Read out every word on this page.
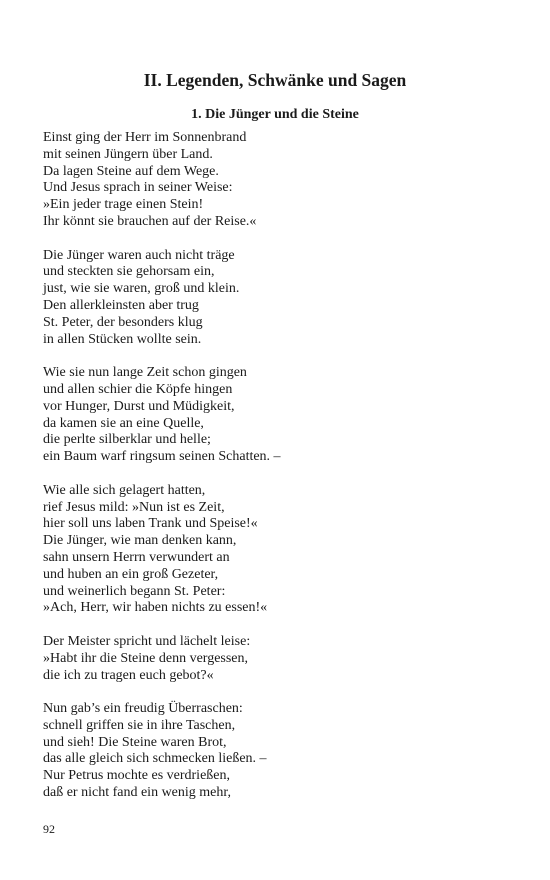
II. Legenden, Schwänke und Sagen
1. Die Jünger und die Steine

Einst ging der Herr im Sonnenbrand
mit seinen Jüngern über Land.
Da lagen Steine auf dem Wege.
Und Jesus sprach in seiner Weise:
»Ein jeder trage einen Stein!
Ihr könnt sie brauchen auf der Reise.«

Die Jünger waren auch nicht träge
und steckten sie gehorsam ein,
just, wie sie waren, groß und klein.
Den allerkleinsten aber trug
St. Peter, der besonders klug
in allen Stücken wollte sein.

Wie sie nun lange Zeit schon gingen
und allen schier die Köpfe hingen
vor Hunger, Durst und Müdigkeit,
da kamen sie an eine Quelle,
die perlte silberklar und helle;
ein Baum warf ringsum seinen Schatten. –

Wie alle sich gelagert hatten,
rief Jesus mild: »Nun ist es Zeit,
hier soll uns laben Trank und Speise!«
Die Jünger, wie man denken kann,
sahn unsern Herrn verwundert an
und huben an ein groß Gezeter,
und weinerlich begann St. Peter:
»Ach, Herr, wir haben nichts zu essen!«

Der Meister spricht und lächelt leise:
»Habt ihr die Steine denn vergessen,
die ich zu tragen euch gebot?«

Nun gab’s ein freudig Überraschen:
schnell griffen sie in ihre Taschen,
und sieh! Die Steine waren Brot,
das alle gleich sich schmecken ließen. –
Nur Petrus mochte es verdrießen,
daß er nicht fand ein wenig mehr,

92
